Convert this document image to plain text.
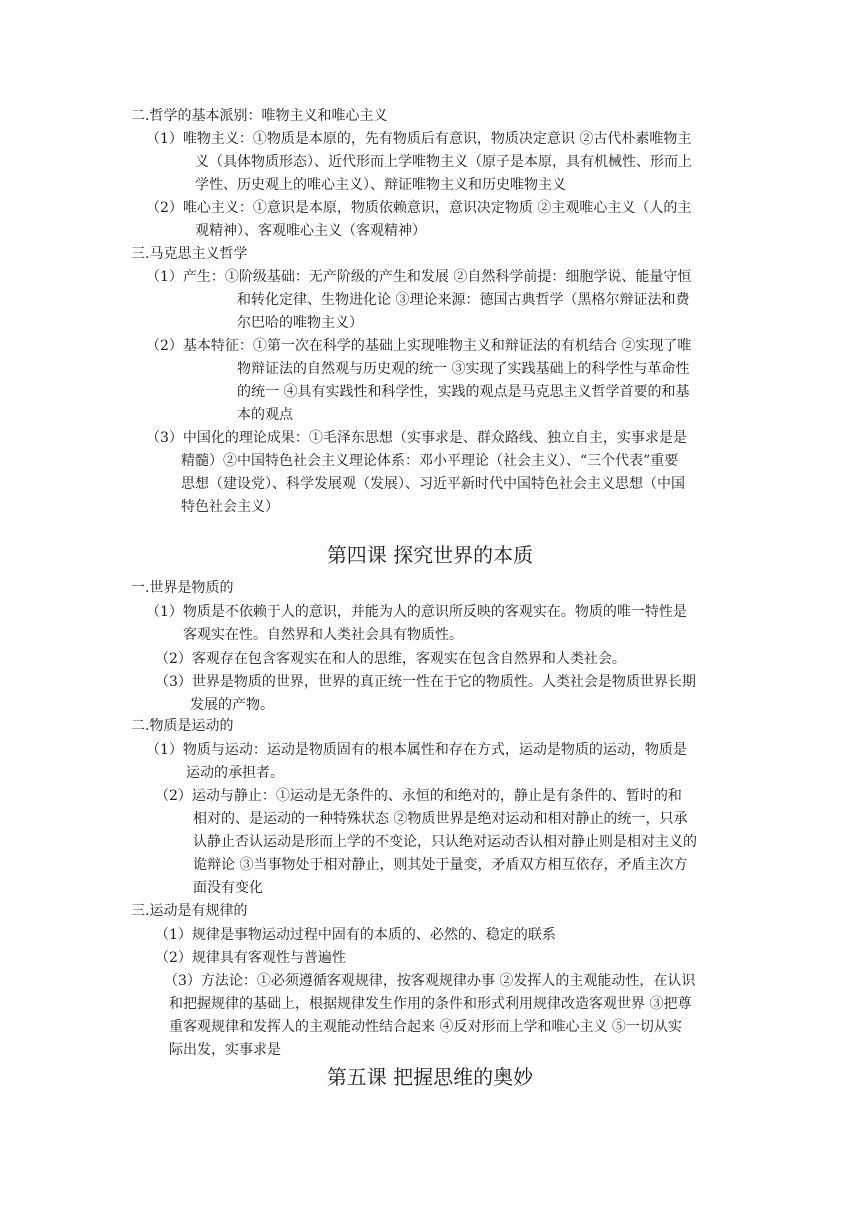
二.哲学的基本派别：唯物主义和唯心主义
（1）唯物主义：①物质是本原的，先有物质后有意识，物质决定意识 ②古代朴素唯物主
义（具体物质形态）、近代形而上学唯物主义（原子是本原，具有机械性、形而上
学性、历史观上的唯心主义）、辩证唯物主义和历史唯物主义
（2）唯心主义：①意识是本原，物质依赖意识，意识决定物质 ②主观唯心主义（人的主
观精神）、客观唯心主义（客观精神）
三.马克思主义哲学
（1）产生：①阶级基础：无产阶级的产生和发展 ②自然科学前提：细胞学说、能量守恒
和转化定律、生物进化论 ③理论来源：德国古典哲学（黑格尔辩证法和费
尔巴哈的唯物主义）
（2）基本特征：①第一次在科学的基础上实现唯物主义和辩证法的有机结合 ②实现了唯
物辩证法的自然观与历史观的统一 ③实现了实践基础上的科学性与革命性
的统一 ④具有实践性和科学性，实践的观点是马克思主义哲学首要的和基
本的观点
（3）中国化的理论成果：①毛泽东思想（实事求是、群众路线、独立自主，实事求是是
精髓）②中国特色社会主义理论体系：邓小平理论（社会主义）、“三个代表”重要
思想（建设党）、科学发展观（发展）、习近平新时代中国特色社会主义思想（中国
特色社会主义）
第四课 探究世界的本质
一.世界是物质的
（1）物质是不依赖于人的意识，并能为人的意识所反映的客观实在。物质的唯一特性是
客观实在性。自然界和人类社会具有物质性。
（2）客观存在包含客观实在和人的思维，客观实在包含自然界和人类社会。
（3）世界是物质的世界，世界的真正统一性在于它的物质性。人类社会是物质世界长期
发展的产物。
二.物质是运动的
（1）物质与运动：运动是物质固有的根本属性和存在方式，运动是物质的运动，物质是
运动的承担者。
（2）运动与静止：①运动是无条件的、永恒的和绝对的，静止是有条件的、暂时的和
相对的、是运动的一种特殊状态 ②物质世界是绝对运动和相对静止的统一，只承
认静止否认运动是形而上学的不变论，只认绝对运动否认相对静止则是相对主义的
诡辩论 ③当事物处于相对静止，则其处于量变，矛盾双方相互依存，矛盾主次方
面没有变化
三.运动是有规律的
（1）规律是事物运动过程中固有的本质的、必然的、稳定的联系
（2）规律具有客观性与普遍性
（3）方法论：①必须遵循客观规律，按客观规律办事 ②发挥人的主观能动性，在认识
和把握规律的基础上，根据规律发生作用的条件和形式利用规律改造客观世界 ③把尊
重客观规律和发挥人的主观能动性结合起来 ④反对形而上学和唯心主义 ⑤一切从实
际出发，实事求是
第五课 把握思维的奥妙
